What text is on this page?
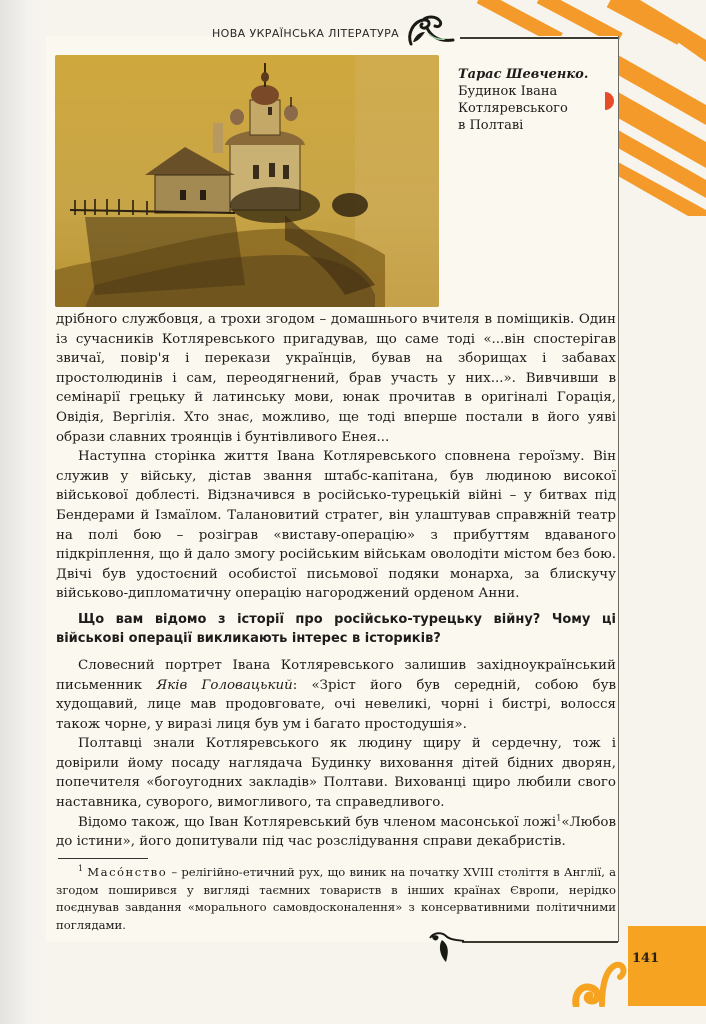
НОВА УКРАЇНСЬКА ЛІТЕРАТУРА
Тарас Шевченко.
Будинок Івана
Котляревського
в Полтаві

дрібного службовця, а трохи згодом – домашнього вчителя в поміщиків. Один із сучасників Котляревського пригадував, що саме тоді «...він спостерігав звичаї, повір'я і перекази українців, бував на зборищах і забавах простолюдинів і сам, переодягнений, брав участь у них...». Вивчивши в семінарії грецьку й латинську мови, юнак прочитав в оригіналі Горація, Овідія, Вергілія. Хто знає, можливо, ще тоді вперше постали в його уяві образи славних троянців і бунтівливого Енея...

Наступна сторінка життя Івана Котляревського сповнена героїзму. Він служив у війську, дістав звання штабс-капітана, був людиною високої військової доблесті. Відзначився в російсько-турецькій війні – у битвах під Бендерами й Ізмаїлом. Талановитий стратег, він улаштував справжній театр на полі бою – розіграв «виставу-операцію» з прибуттям вдаваного підкріплення, що й дало змогу російським військам оволодіти містом без бою. Двічі був удостоєний особистої письмової подяки монарха, за блискучу військово-дипломатичну операцію нагороджений орденом Анни.

Що вам відомо з історії про російсько-турецьку війну? Чому ці військові операції викликають інтерес в істориків?

Словесний портрет Івана Котляревського залишив західноукраїнський письменник Яків Головацький: «Зріст його був середній, собою був худощавий, лице мав продовговате, очі невеликі, чорні і бистрі, волосся також чорне, у виразі лиця був ум і багато простодушія».

Полтавці знали Котляревського як людину щиру й сердечну, тож і довірили йому посаду наглядача Будинку виховання дітей бідних дворян, попечителя «богоугодних закладів» Полтави. Вихованці щиро любили свого наставника, суворого, вимогливого, та справедливого.

Відомо також, що Іван Котляревський був членом масонської ложі$^1$«Любов до істини», його допитували під час розслідування справи декабристів.

$^1$ Масо́нство – релігійно-етичний рух, що виник на початку XVIII століття в Англії, а згодом поширився у вигляді таємних товариств в інших країнах Європи, нерідко поєднував завдання «морального самовдосконалення» з консервативними політичними поглядами.
141
